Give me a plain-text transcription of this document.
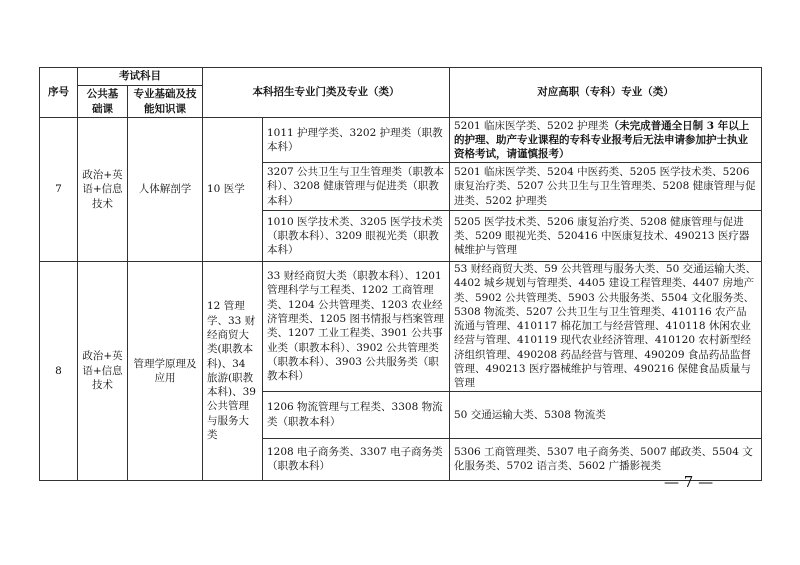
序号	考试科目		本科招生专业门类及专业（类）		对应高职（专科）专业（类）
	公共基础课	专业基础及技能知识课			
7	政治+英语+信息技术	人体解剖学	10 医学	1011 护理学类、3202 护理类（职教本科）	5201 临床医学类、5202 护理类（未完成普通全日制 3 年以上的护理、助产专业课程的专科专业报考后无法申请参加护士执业资格考试，请谨慎报考）
				3207 公共卫生与卫生管理类（职教本科）、3208 健康管理与促进类（职教本科）	5201 临床医学类、5204 中医药类、5205 医学技术类、5206 康复治疗类、5207 公共卫生与卫生管理类、5208 健康管理与促进类、5202 护理类
				1010 医学技术类、3205 医学技术类（职教本科）、3209 眼视光类（职教本科）	5205 医学技术类、5206 康复治疗类、5208 健康管理与促进类、5209 眼视光类、520416 中医康复技术、490213 医疗器械维护与管理
8	政治+英语+信息技术	管理学原理及应用	12 管理学、33 财经商贸大类(职教本科)、34 旅游(职教本科)、39 公共管理与服务大类	33 财经商贸大类（职教本科）、1201 管理科学与工程类、1202 工商管理类、1204 公共管理类、1203 农业经济管理类、1205 图书情报与档案管理类、1207 工业工程类、3901 公共事业类（职教本科）、3902 公共管理类（职教本科）、3903 公共服务类（职教本科）	53 财经商贸大类、59 公共管理与服务大类、50 交通运输大类、4402 城乡规划与管理类、4405 建设工程管理类、4407 房地产类、5902 公共管理类、5903 公共服务类、5504 文化服务类、5308 物流类、5207 公共卫生与卫生管理类、410116 农产品流通与管理、410117 棉花加工与经营管理、410118 休闲农业经营与管理、410119 现代农业经济管理、410120 农村新型经济组织管理、490208 药品经营与管理、490209 食品药品监督管理、490213 医疗器械维护与管理、490216 保健食品质量与管理
				1206 物流管理与工程类、3308 物流类（职教本科）	50 交通运输大类、5308 物流类
				1208 电子商务类、3307 电子商务类（职教本科）	5306 工商管理类、5307 电子商务类、5007 邮政类、5504 文化服务类、5702 语言类、5602 广播影视类
— 7 —
